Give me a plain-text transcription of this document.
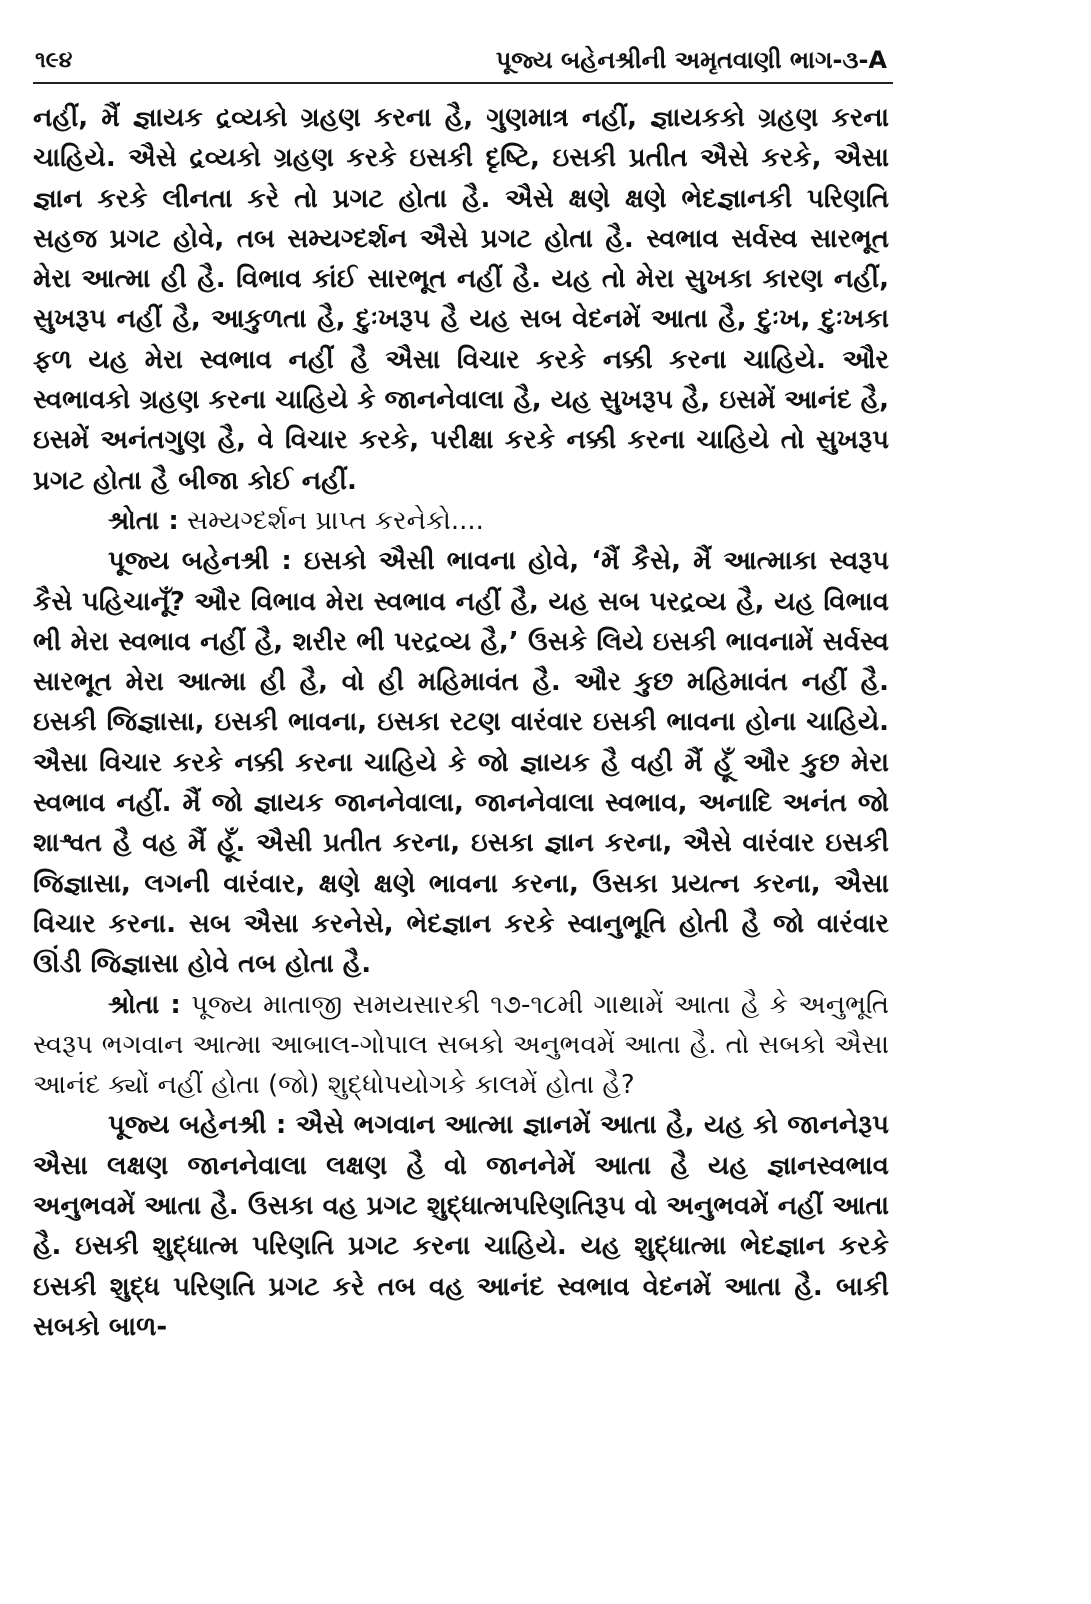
૧૯૪	પૂજ્ય બહેનશ્રીની અમૃતવાણી ભાગ-૩-A

નહીં, મૈં જ્ઞાયક દ્રવ્યકો ગ્રહણ કરના હૈ, ગુણમાત્ર નહીં, જ્ઞાયકકો ગ્રહણ કરના ચાહિયે. ઐસે દ્રવ્યકો ગ્રહણ કરકે ઇસકી દૃષ્ટિ, ઇસકી પ્રતીત ઐસે કરકે, ઐસા જ્ઞાન કરકે લીનતા કરે તો પ્રગટ હોતા હૈ. ઐસે ક્ષણે ક્ષણે ભેદજ્ઞાનકી પરિણતિ સહજ પ્રગટ હોવે, તબ સમ્યગ્દર્શન ઐસે પ્રગટ હોતા હૈ. સ્વભાવ સર્વસ્વ સારભૂત મેરા આત્મા હી હૈ. વિભાવ કાંઈ સારભૂત નહીં હૈ. યહ તો મેરા સુખકા કારણ નહીં, સુખરૂપ નહીં હૈ, આકુળતા હૈ, દુઃખરૂપ હૈ યહ સબ વેદનમેં આતા હૈ, દુઃખ, દુઃખકા ફળ યહ મેરા સ્વભાવ નહીં હૈ ઐસા વિચાર કરકે નક્કી કરના ચાહિયે. ઔર સ્વભાવકો ગ્રહણ કરના ચાહિયે કે જાનનેવાલા હૈ, યહ સુખરૂપ હૈ, ઇસમેં આનંદ હૈ, ઇસમેં અનંતગુણ હૈ, વે વિચાર કરકે, પરીક્ષા કરકે નક્કી કરના ચાહિયે તો સુખરૂપ પ્રગટ હોતા હૈ બીજા કોઈ નહીં.

શ્રોતા : સમ્યગ્દર્શન પ્રાપ્ત કરનેકો....

પૂજ્ય બહેનશ્રી : ઇસકો ઐસી ભાવના હોવે, ‘મૈં કૈસે, મૈં આત્માકા સ્વરૂપ કૈસે પહિચાનૂઁ? ઔર વિભાવ મેરા સ્વભાવ નહીં હૈ, યહ સબ પરદ્રવ્ય હૈ, યહ વિભાવ ભી મેરા સ્વભાવ નહીં હૈ, શરીર ભી પરદ્રવ્ય હૈ,’ ઉસકે લિયે ઇસકી ભાવનામેં સર્વસ્વ સારભૂત મેરા આત્મા હી હૈ, વો હી મહિમાવંત હૈ. ઔર કુછ મહિમાવંત નહીં હૈ. ઇસકી જિજ્ઞાસા, ઇસકી ભાવના, ઇસકા રટણ વારંવાર ઇસકી ભાવના હોના ચાહિયે. ઐસા વિચાર કરકે નક્કી કરના ચાહિયે કે જો જ્ઞાયક હૈ વહી મૈં હૂઁ ઔર કુછ મેરા સ્વભાવ નહીં. મૈં જો જ્ઞાયક જાનનેવાલા, જાનનેવાલા સ્વભાવ, અનાદિ અનંત જો શાશ્વત હૈ વહ મૈં હૂઁ. ઐસી પ્રતીત કરના, ઇસકા જ્ઞાન કરના, ઐસે વારંવાર ઇસકી જિજ્ઞાસા, લગની વારંવાર, ક્ષણે ક્ષણે ભાવના કરના, ઉસકા પ્રયત્ન કરના, ઐસા વિચાર કરના. સબ ઐસા કરનેસે, ભેદજ્ઞાન કરકે સ્વાનુભૂતિ હોતી હૈ જો વારંવાર ઊંડી જિજ્ઞાસા હોવે તબ હોતા હૈ.

શ્રોતા : પૂજ્ય માતાજી સમયસારકી ૧૭-૧૮મી ગાથામેં આતા હૈ કે અનુભૂતિ સ્વરૂપ ભગવાન આત્મા આબાલ-ગોપાલ સબકો અનુભવમેં આતા હૈ. તો સબકો ઐસા આનંદ ક્યોં નહીં હોતા (જો) શુદ્ધોપયોગકે કાલમેં હોતા હૈ?

પૂજ્ય બહેનશ્રી : ઐસે ભગવાન આત્મા જ્ઞાનમેં આતા હૈ, યહ કો જાનનેરૂપ ઐસા લક્ષણ જાનનેવાલા લક્ષણ હૈ વો જાનનેમેં આતા હૈ યહ જ્ઞાનસ્વભાવ અનુભવમેં આતા હૈ. ઉસકા વહ પ્રગટ શુદ્ધાત્મપરિણતિરૂપ વો અનુભવમેં નહીં આતા હૈ. ઇસકી શુદ્ધાત્મ પરિણતિ પ્રગટ કરના ચાહિયે. યહ શુદ્ધાત્મા ભેદજ્ઞાન કરકે ઇસકી શુદ્ધ પરિણતિ પ્રગટ કરે તબ વહ આનંદ સ્વભાવ વેદનમેં આતા હૈ. બાકી સબકો બાળ-
